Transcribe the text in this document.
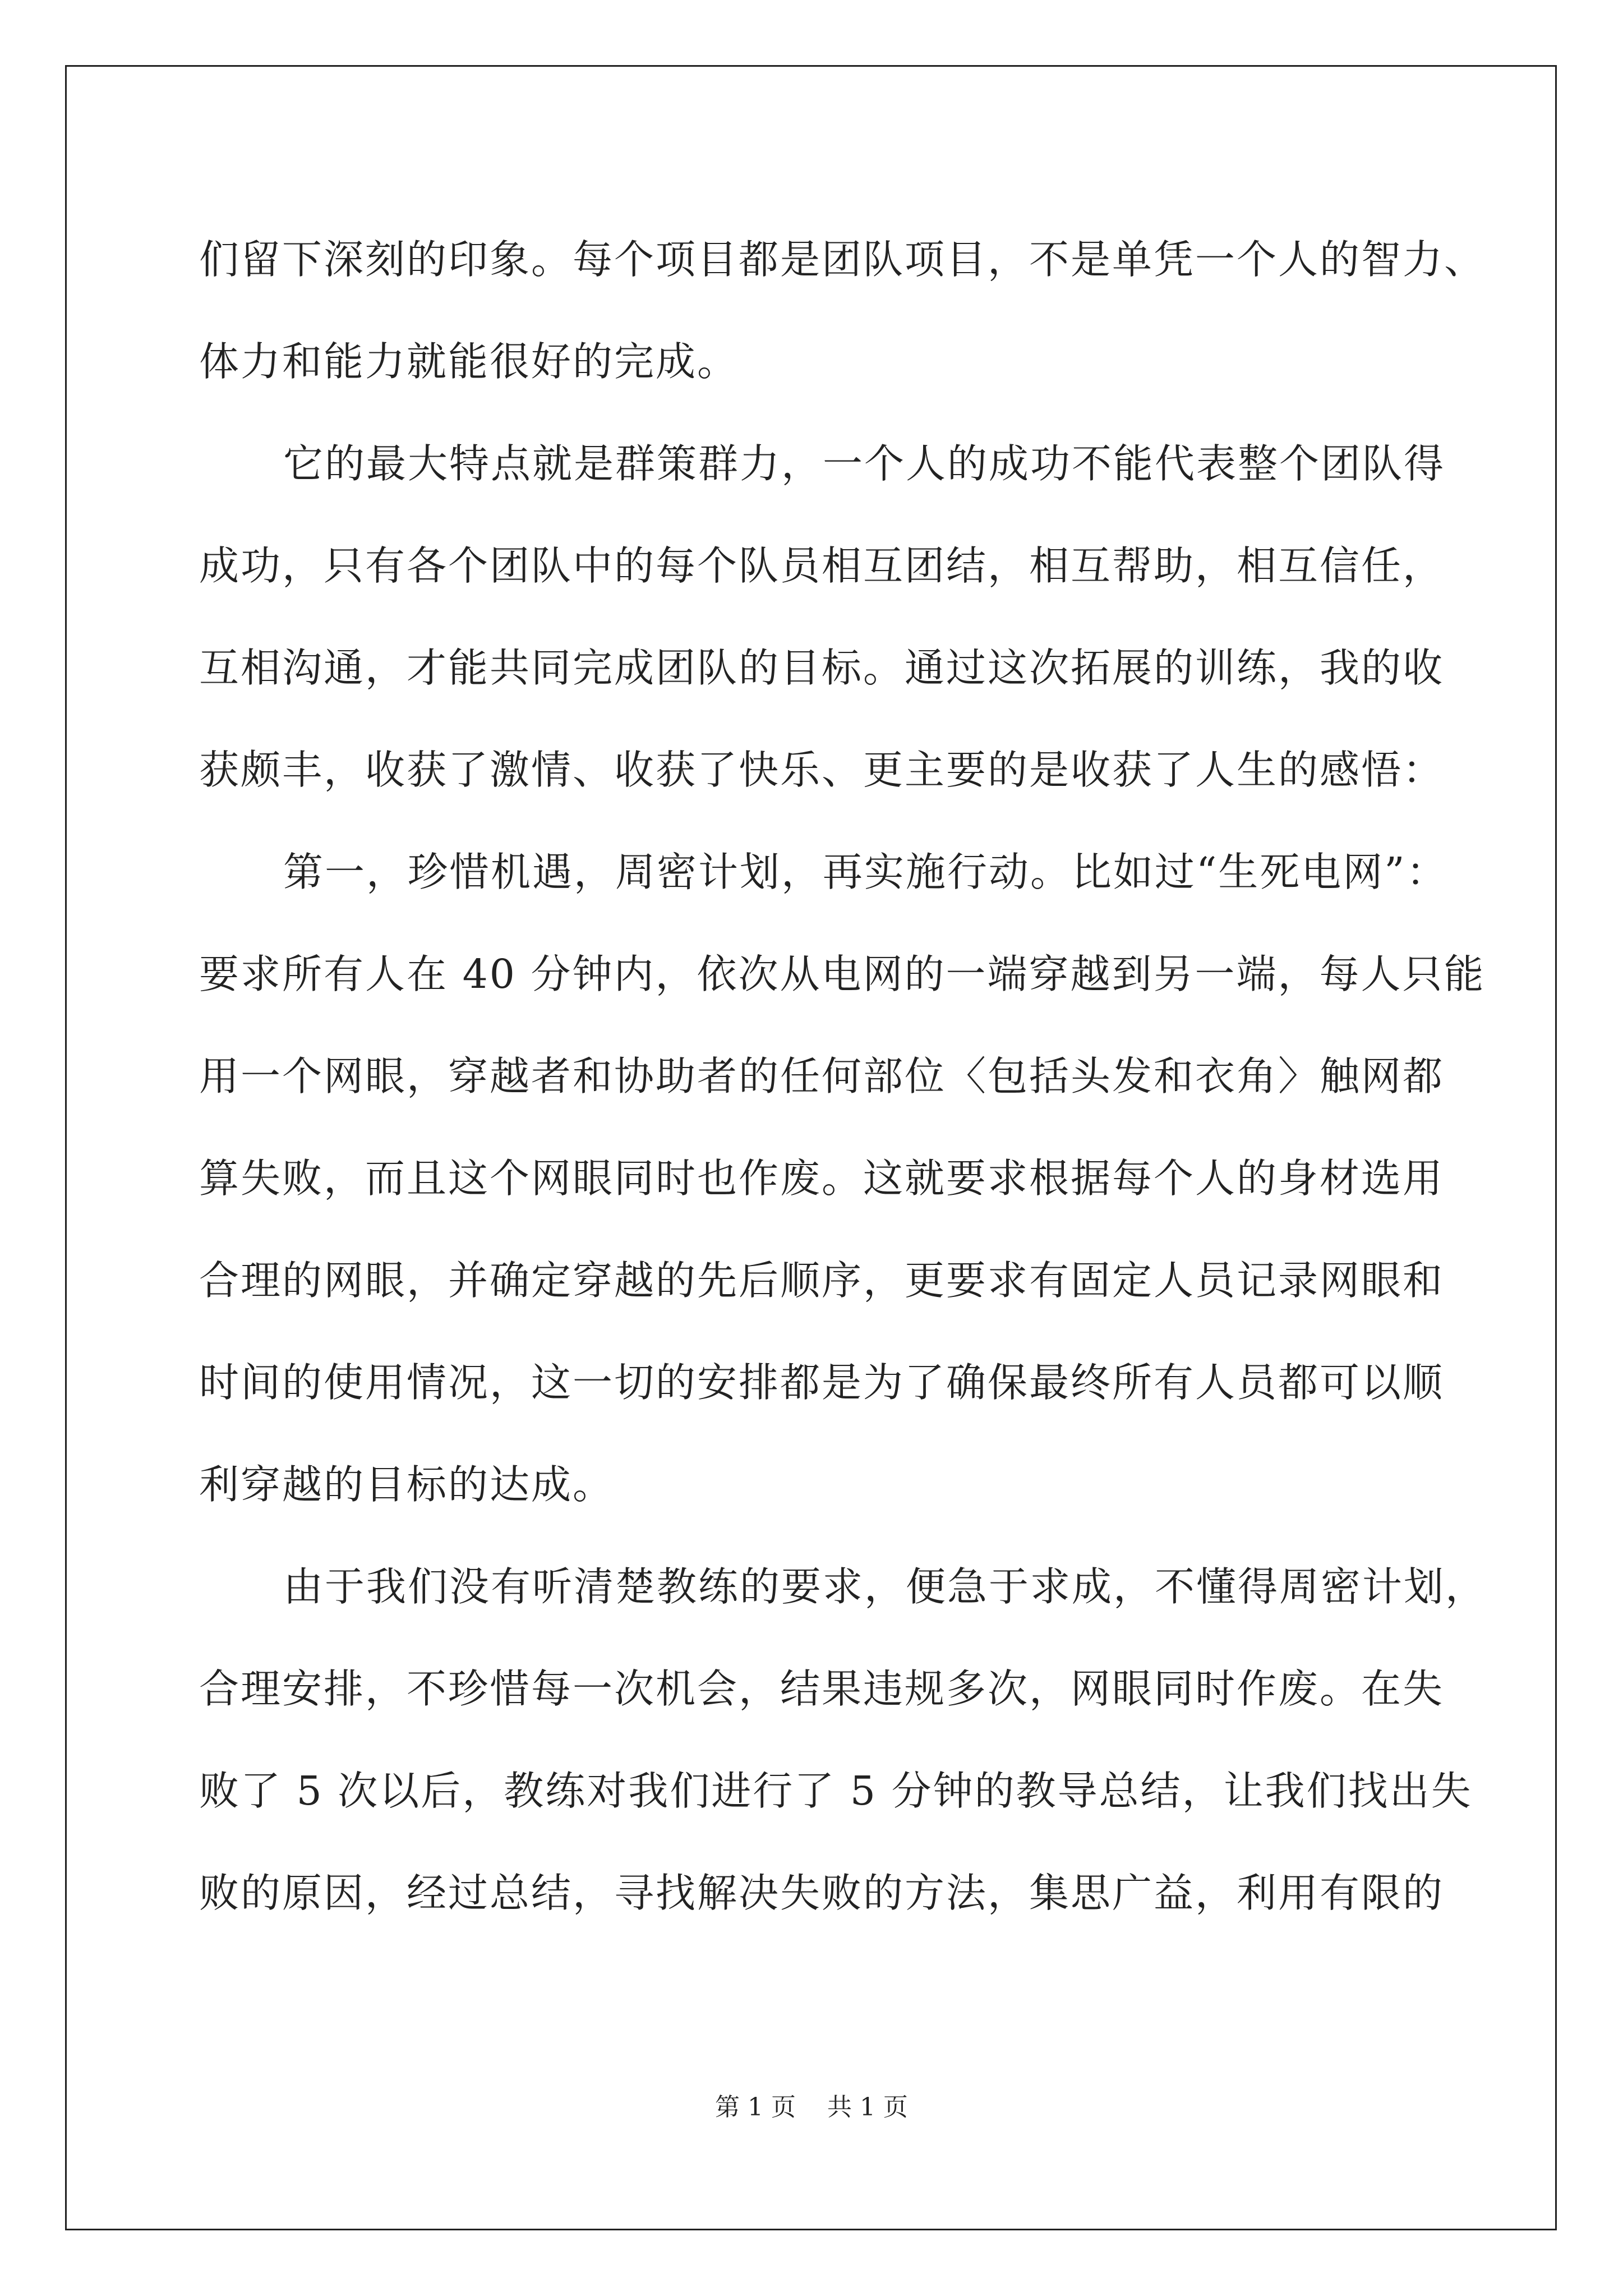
们留下深刻的印象。每个项目都是团队项目，不是单凭一个人的智力、

体力和能力就能很好的完成。

它的最大特点就是群策群力，一个人的成功不能代表整个团队得

成功，只有各个团队中的每个队员相互团结，相互帮助，相互信任，

互相沟通，才能共同完成团队的目标。通过这次拓展的训练，我的收

获颇丰，收获了激情、收获了快乐、更主要的是收获了人生的感悟：

第一，珍惜机遇，周密计划，再实施行动。比如过“生死电网”：

要求所有人在 40 分钟内，依次从电网的一端穿越到另一端，每人只能

用一个网眼，穿越者和协助者的任何部位〈包括头发和衣角〉触网都

算失败，而且这个网眼同时也作废。这就要求根据每个人的身材选用

合理的网眼，并确定穿越的先后顺序，更要求有固定人员记录网眼和

时间的使用情况，这一切的安排都是为了确保最终所有人员都可以顺

利穿越的目标的达成。

由于我们没有听清楚教练的要求，便急于求成，不懂得周密计划，

合理安排，不珍惜每一次机会，结果违规多次，网眼同时作废。在失

败了 5 次以后，教练对我们进行了 5 分钟的教导总结，让我们找出失

败的原因，经过总结，寻找解决失败的方法，集思广益，利用有限的

第 1 页 共 1 页
